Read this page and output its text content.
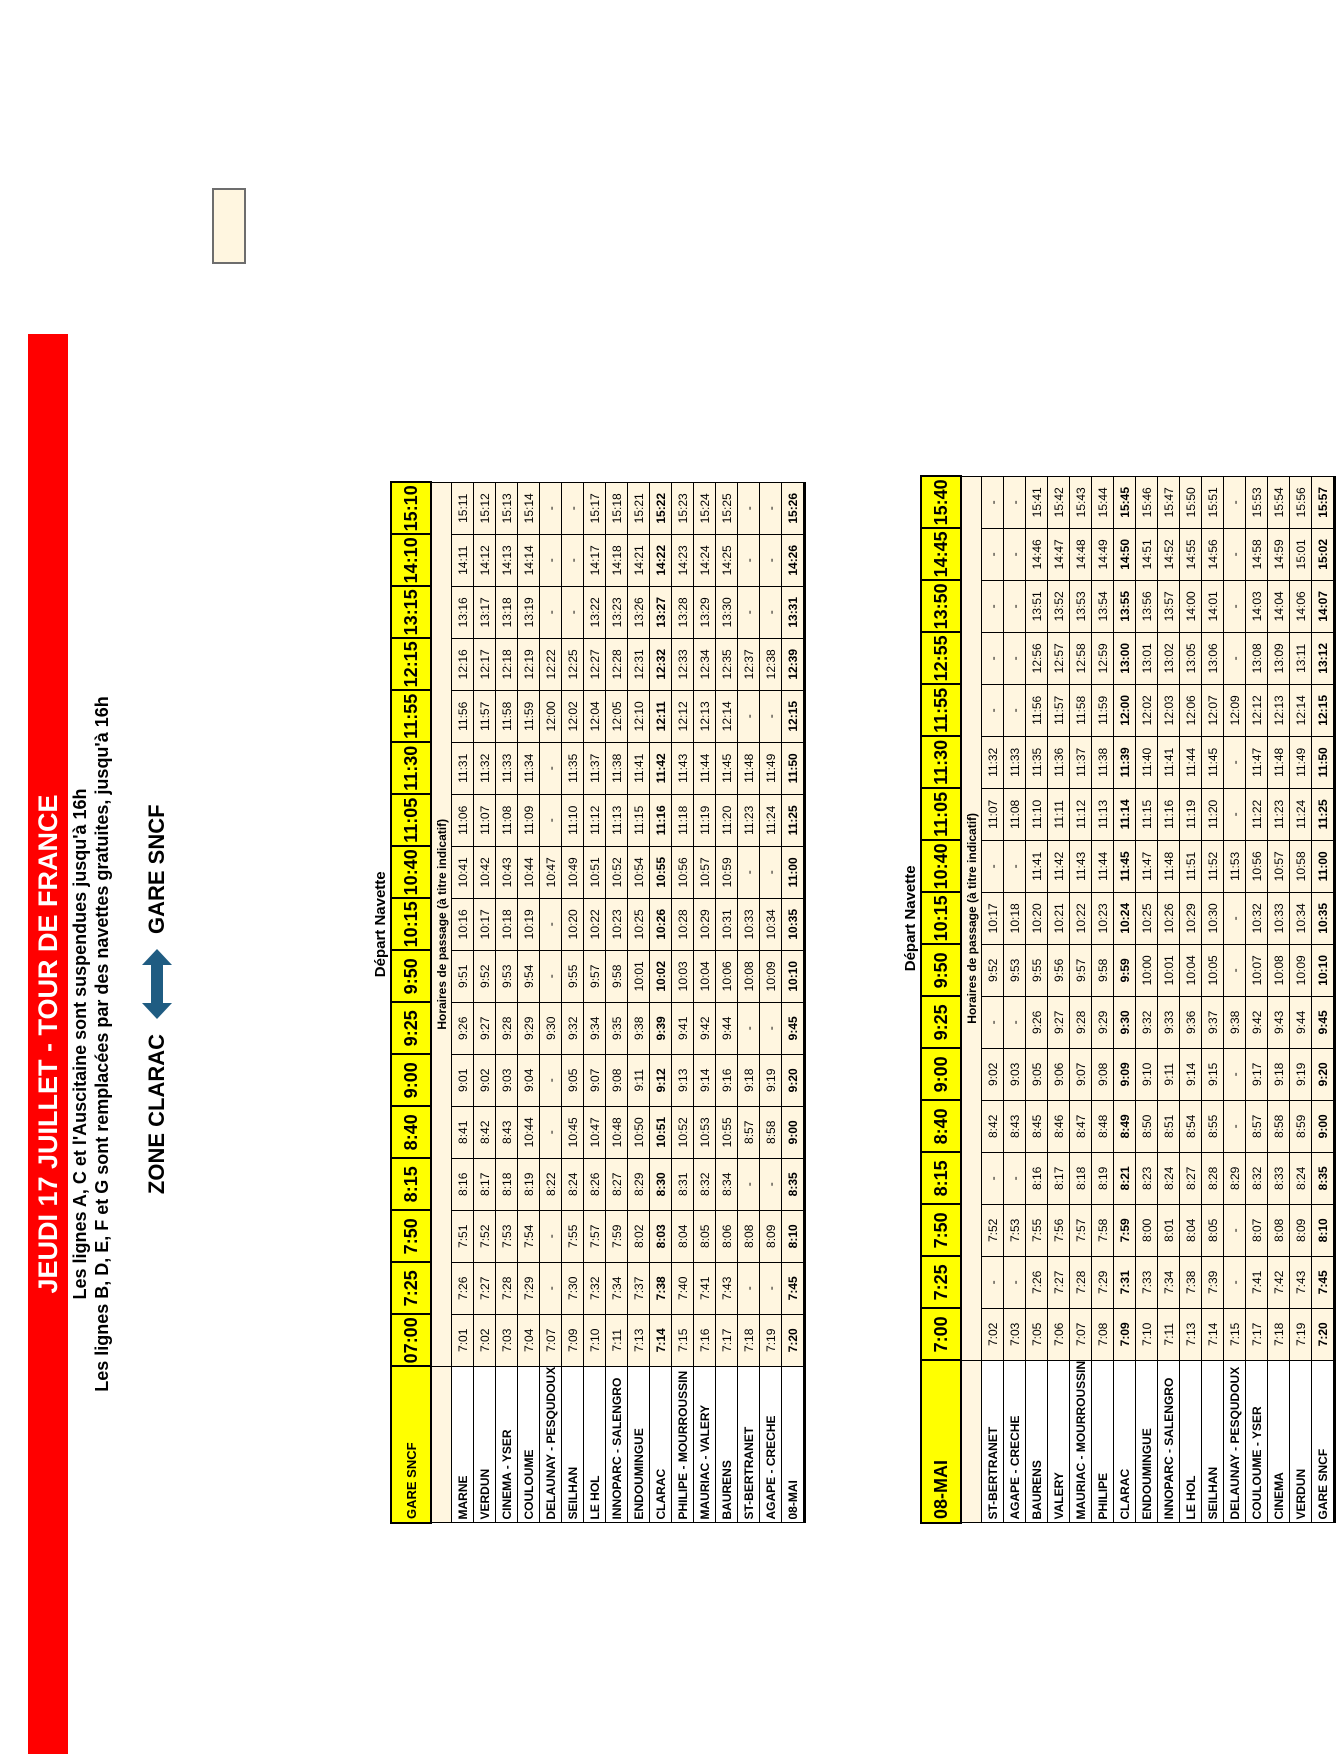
JEUDI 17 JUILLET - TOUR DE FRANCE Les lignes A, C et l'Auscitaine sont suspendues jusqu'à 16h Les lignes B, D, E, F et G sont remplacées par des navettes gratuites, jusqu'à 16h ZONE CLARAC
GARE SNCF
		Départ Navette																
GARE SNCF	07:00	7:25	7:50	8:15	8:40	9:00	9:25	9:50	10:15	10:40	11:05	11:30	11:55	12:15	13:15	14:10	15:10
	Horaires de passage (à titre indicatif)																
MARNE	7:01	7:26	7:51	8:16	8:41	9:01	9:26	9:51	10:16	10:41	11:06	11:31	11:56	12:16	13:16	14:11	15:11
VERDUN	7:02	7:27	7:52	8:17	8:42	9:02	9:27	9:52	10:17	10:42	11:07	11:32	11:57	12:17	13:17	14:12	15:12
CINEMA - YSER	7:03	7:28	7:53	8:18	8:43	9:03	9:28	9:53	10:18	10:43	11:08	11:33	11:58	12:18	13:18	14:13	15:13
COULOUME	7:04	7:29	7:54	8:19	10:44	9:04	9:29	9:54	10:19	10:44	11:09	11:34	11:59	12:19	13:19	14:14	15:14
DELAUNAY - PESQUDOUX	7:07	-	-	8:22	-	-	9:30	-	-	10:47	-	-	12:00	12:22	-	-	-
SEILHAN	7:09	7:30	7:55	8:24	10:45	9:05	9:32	9:55	10:20	10:49	11:10	11:35	12:02	12:25	-	-	-
LE HOL	7:10	7:32	7:57	8:26	10:47	9:07	9:34	9:57	10:22	10:51	11:12	11:37	12:04	12:27	13:22	14:17	15:17
INNOPARC - SALENGRO	7:11	7:34	7:59	8:27	10:48	9:08	9:35	9:58	10:23	10:52	11:13	11:38	12:05	12:28	13:23	14:18	15:18
ENDOUMINGUE	7:13	7:37	8:02	8:29	10:50	9:11	9:38	10:01	10:25	10:54	11:15	11:41	12:10	12:31	13:26	14:21	15:21
CLARAC	7:14	7:38	8:03	8:30	10:51	9:12	9:39	10:02	10:26	10:55	11:16	11:42	12:11	12:32	13:27	14:22	15:22
PHILIPE - MOURROUSSIN	7:15	7:40	8:04	8:31	10:52	9:13	9:41	10:03	10:28	10:56	11:18	11:43	12:12	12:33	13:28	14:23	15:23
MAURIAC - VALERY	7:16	7:41	8:05	8:32	10:53	9:14	9:42	10:04	10:29	10:57	11:19	11:44	12:13	12:34	13:29	14:24	15:24
BAURENS	7:17	7:43	8:06	8:34	10:55	9:16	9:44	10:06	10:31	10:59	11:20	11:45	12:14	12:35	13:30	14:25	15:25
ST-BERTRANET	7:18	-	8:08	-	8:57	9:18	-	10:08	10:33	-	11:23	11:48	-	12:37	-	-	-
AGAPE - CRECHE	7:19	-	8:09	-	8:58	9:19	-	10:09	10:34	-	11:24	11:49	-	12:38	-	-	-
08-MAI	7:20	7:45	8:10	8:35	9:00	9:20	9:45	10:10	10:35	11:00	11:25	11:50	12:15	12:39	13:31	14:26	15:26
	Départ Navette																
08-MAI	7:00	7:25	7:50	8:15	8:40	9:00	9:25	9:50	10:15	10:40	11:05	11:30	11:55	12:55	13:50	14:45	15:40
	Horaires de passage (à titre indicatif)																
ST-BERTRANET	7:02	-	7:52	-	8:42	9:02	-	9:52	10:17	-	11:07	11:32	-	-	-	-	-
AGAPE - CRECHE	7:03	-	7:53	-	8:43	9:03	-	9:53	10:18	-	11:08	11:33	-	-	-	-	-
BAURENS	7:05	7:26	7:55	8:16	8:45	9:05	9:26	9:55	10:20	11:41	11:10	11:35	11:56	12:56	13:51	14:46	15:41
VALERY	7:06	7:27	7:56	8:17	8:46	9:06	9:27	9:56	10:21	11:42	11:11	11:36	11:57	12:57	13:52	14:47	15:42
MAURIAC - MOURROUSSIN	7:07	7:28	7:57	8:18	8:47	9:07	9:28	9:57	10:22	11:43	11:12	11:37	11:58	12:58	13:53	14:48	15:43
PHILIPE	7:08	7:29	7:58	8:19	8:48	9:08	9:29	9:58	10:23	11:44	11:13	11:38	11:59	12:59	13:54	14:49	15:44
CLARAC	7:09	7:31	7:59	8:21	8:49	9:09	9:30	9:59	10:24	11:45	11:14	11:39	12:00	13:00	13:55	14:50	15:45
ENDOUMINGUE	7:10	7:33	8:00	8:23	8:50	9:10	9:32	10:00	10:25	11:47	11:15	11:40	12:02	13:01	13:56	14:51	15:46
INNOPARC - SALENGRO	7:11	7:34	8:01	8:24	8:51	9:11	9:33	10:01	10:26	11:48	11:16	11:41	12:03	13:02	13:57	14:52	15:47
LE HOL	7:13	7:38	8:04	8:27	8:54	9:14	9:36	10:04	10:29	11:51	11:19	11:44	12:06	13:05	14:00	14:55	15:50
SEILHAN	7:14	7:39	8:05	8:28	8:55	9:15	9:37	10:05	10:30	11:52	11:20	11:45	12:07	13:06	14:01	14:56	15:51
DELAUNAY - PESQUDOUX	7:15	-	-	8:29	-	-	9:38	-	-	11:53	-	-	12:09	-	-	-	-
COULOUME - YSER	7:17	7:41	8:07	8:32	8:57	9:17	9:42	10:07	10:32	10:56	11:22	11:47	12:12	13:08	14:03	14:58	15:53
CINEMA	7:18	7:42	8:08	8:33	8:58	9:18	9:43	10:08	10:33	10:57	11:23	11:48	12:13	13:09	14:04	14:59	15:54
VERDUN	7:19	7:43	8:09	8:24	8:59	9:19	9:44	10:09	10:34	10:58	11:24	11:49	12:14	13:11	14:06	15:01	15:56
GARE SNCF	7:20	7:45	8:10	8:35	9:00	9:20	9:45	10:10	10:35	11:00	11:25	11:50	12:15	13:12	14:07	15:02	15:57
